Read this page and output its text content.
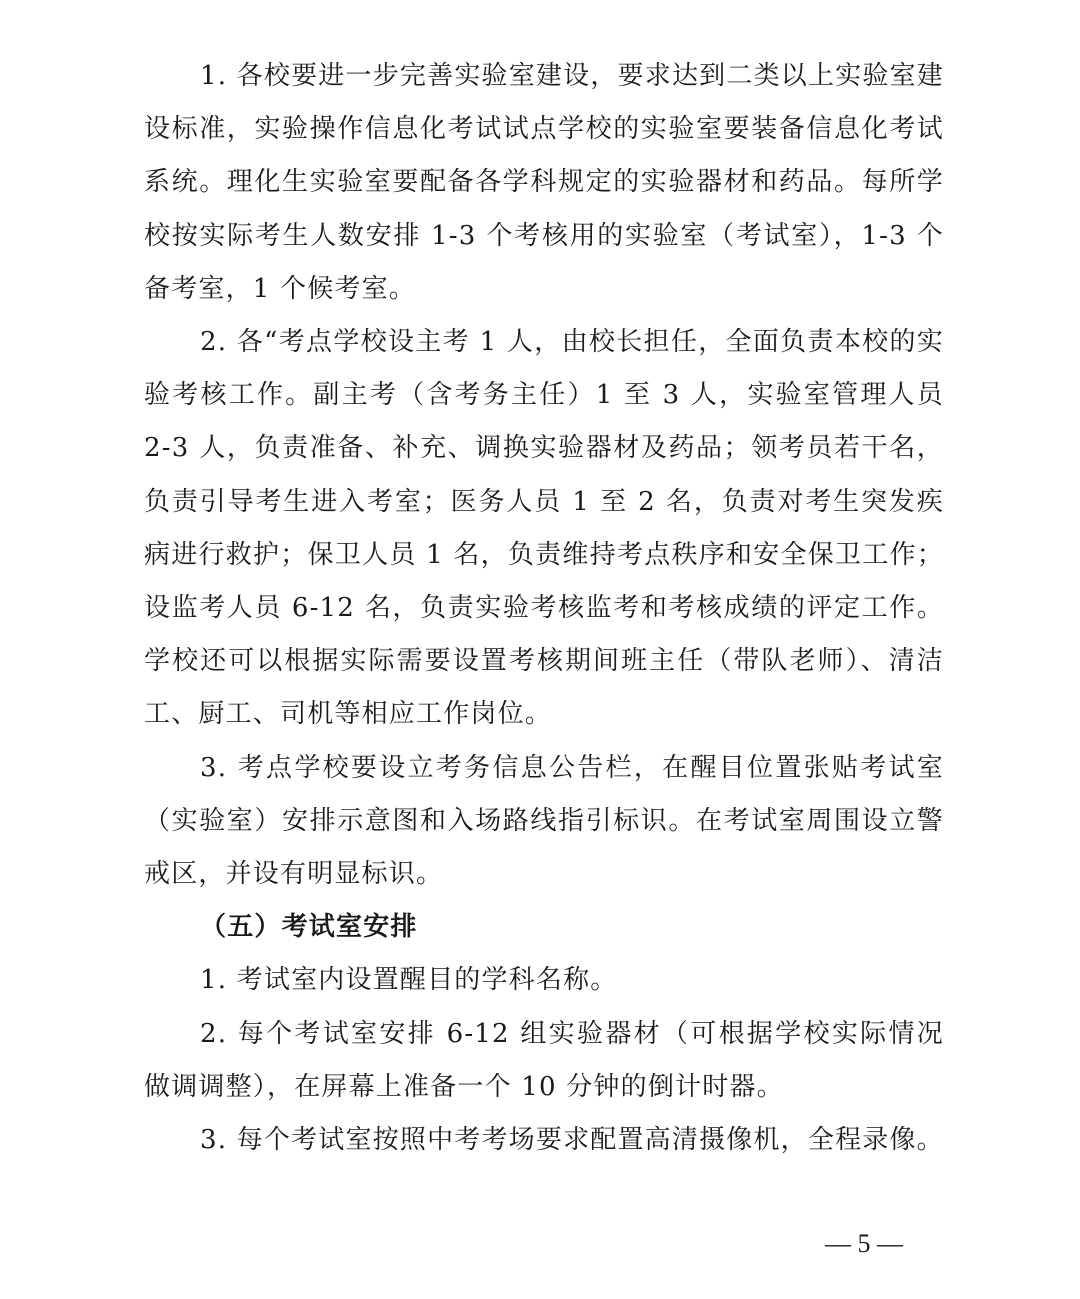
1. 各校要进一步完善实验室建设，要求达到二类以上实验室建设标准，实验操作信息化考试试点学校的实验室要装备信息化考试系统。理化生实验室要配备各学科规定的实验器材和药品。每所学校按实际考生人数安排 1-3 个考核用的实验室（考试室），1-3 个备考室，1 个候考室。

2. 各“考点学校设主考 1 人，由校长担任，全面负责本校的实验考核工作。副主考（含考务主任）1 至 3 人，实验室管理人员 2-3 人，负责准备、补充、调换实验器材及药品；领考员若干名，负责引导考生进入考室；医务人员 1 至 2 名，负责对考生突发疾病进行救护；保卫人员 1 名，负责维持考点秩序和安全保卫工作；设监考人员 6-12 名，负责实验考核监考和考核成绩的评定工作。学校还可以根据实际需要设置考核期间班主任（带队老师）、清洁工、厨工、司机等相应工作岗位。

3. 考点学校要设立考务信息公告栏，在醒目位置张贴考试室（实验室）安排示意图和入场路线指引标识。在考试室周围设立警戒区，并设有明显标识。

（五）考试室安排

1. 考试室内设置醒目的学科名称。

2. 每个考试室安排 6-12 组实验器材（可根据学校实际情况做调调整），在屏幕上准备一个 10 分钟的倒计时器。

3. 每个考试室按照中考考场要求配置高清摄像机，全程录像。

— 5 —
